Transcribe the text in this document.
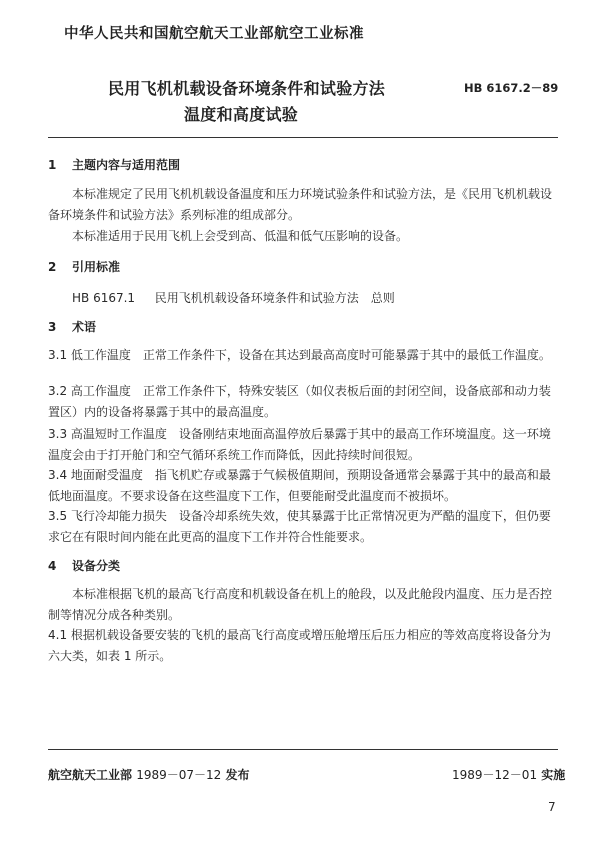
中华人民共和国航空航天工业部航空工业标准
民用飞机机载设备环境条件和试验方法
温度和高度试验
HB 6167.2－89
1 主题内容与适用范围
本标准规定了民用飞机机载设备温度和压力环境试验条件和试验方法，是《民用飞机机载设备环境条件和试验方法》系列标准的组成部分。
本标准适用于民用飞机上会受到高、低温和低气压影响的设备。
2 引用标准
HB 6167.1 民用飞机机载设备环境条件和试验方法　总则
3 术语
3.1 低工作温度　正常工作条件下，设备在其达到最高高度时可能暴露于其中的最低工作温度。
3.2 高工作温度　正常工作条件下，特殊安装区（如仪表板后面的封闭空间，设备底部和动力装置区）内的设备将暴露于其中的最高温度。
3.3 高温短时工作温度　设备刚结束地面高温停放后暴露于其中的最高工作环境温度。这一环境温度会由于打开舱门和空气循环系统工作而降低，因此持续时间很短。
3.4 地面耐受温度　指飞机贮存或暴露于气候极值期间，预期设备通常会暴露于其中的最高和最低地面温度。不要求设备在这些温度下工作，但要能耐受此温度而不被损坏。
3.5 飞行冷却能力损失　设备冷却系统失效，使其暴露于比正常情况更为严酷的温度下，但仍要求它在有限时间内能在此更高的温度下工作并符合性能要求。
4 设备分类
本标准根据飞机的最高飞行高度和机载设备在机上的舱段，以及此舱段内温度、压力是否控制等情况分成各种类别。
4.1 根据机载设备要安装的飞机的最高飞行高度或增压舱增压后压力相应的等效高度将设备分为六大类，如表 1 所示。
航空航天工业部 1989－07－12 发布	1989－12－01 实施
7
